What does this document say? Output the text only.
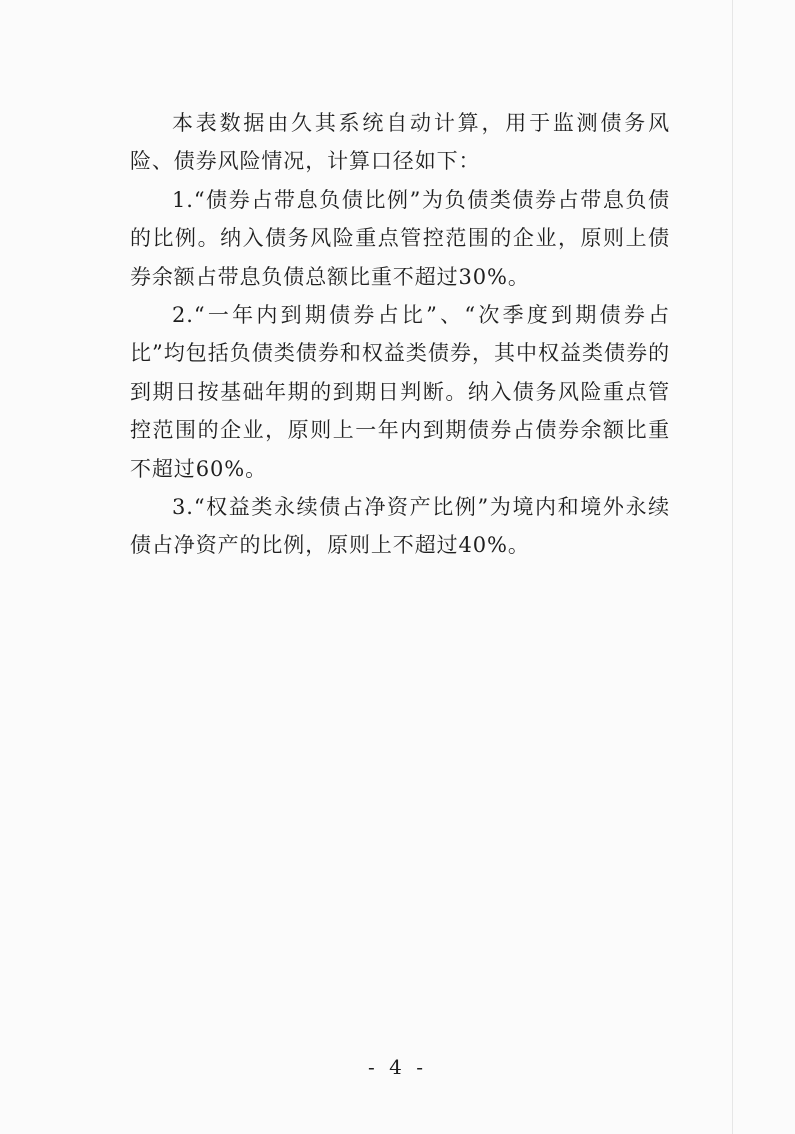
本表数据由久其系统自动计算，用于监测债务风险、债券风险情况，计算口径如下：

1.“债券占带息负债比例”为负债类债券占带息负债的比例。纳入债务风险重点管控范围的企业，原则上债券余额占带息负债总额比重不超过30%。

2.“一年内到期债券占比”、“次季度到期债券占比”均包括负债类债券和权益类债券，其中权益类债券的到期日按基础年期的到期日判断。纳入债务风险重点管控范围的企业，原则上一年内到期债券占债券余额比重不超过60%。

3.“权益类永续债占净资产比例”为境内和境外永续债占净资产的比例，原则上不超过40%。

- 4 -
